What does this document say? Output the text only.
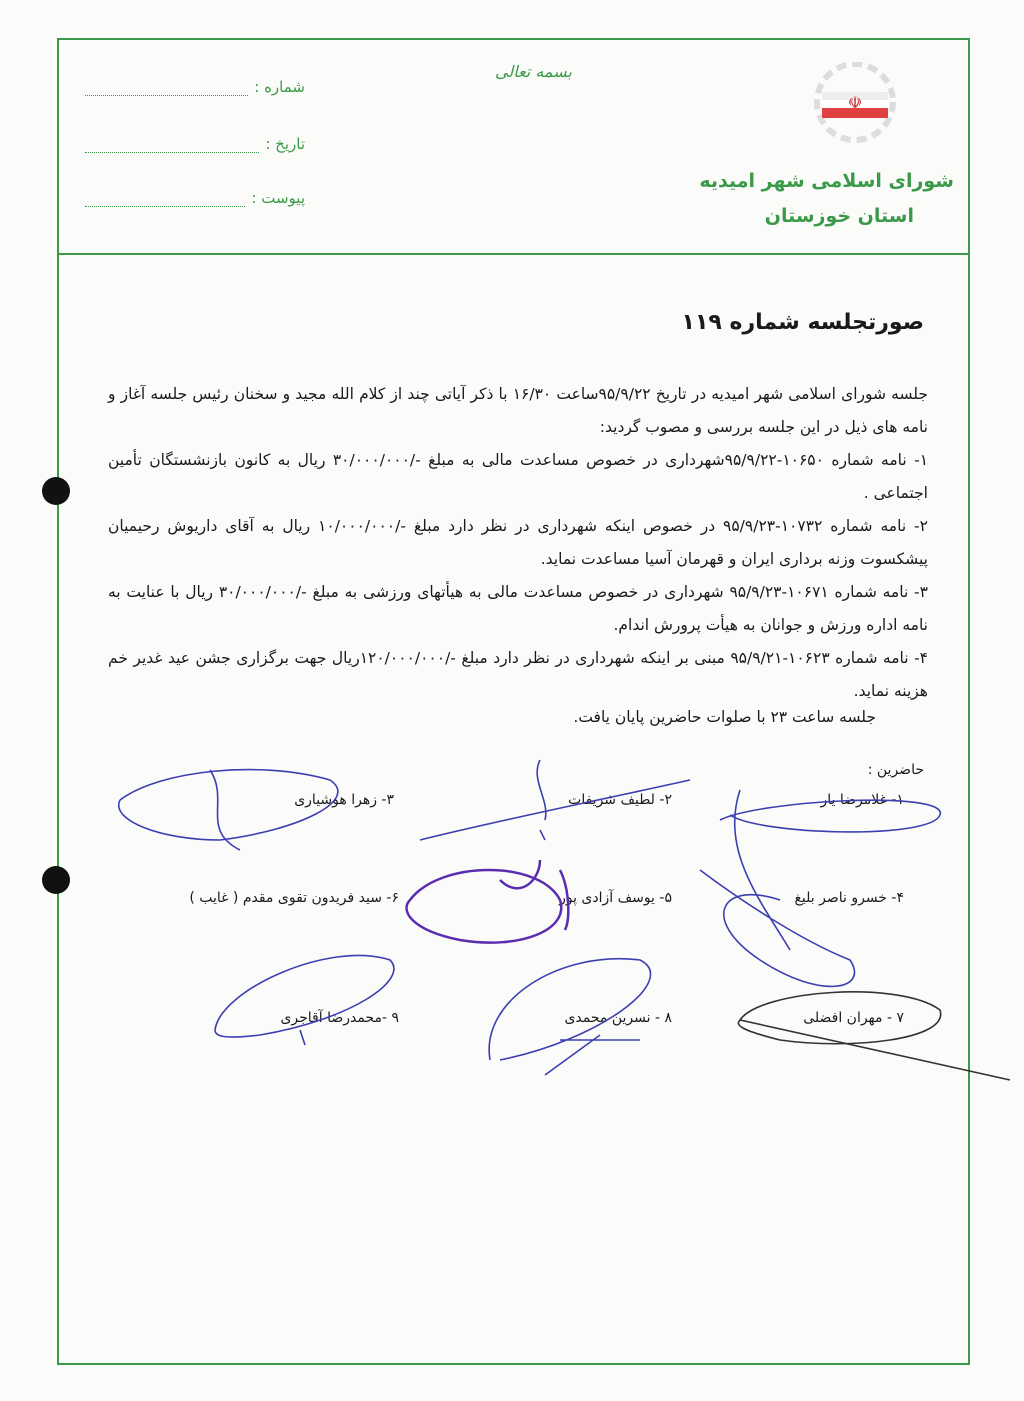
بسمه تعالی
شماره :
تاریخ :
پیوست :
☫
شورای اسلامی شهر امیدیه
استان خوزستان
صورتجلسه شماره ۱۱۹
جلسه شورای اسلامی شهر امیدیه در تاریخ ۹۵/۹/۲۲ساعت ۱۶/۳۰ با ذکر آیاتی چند از کلام الله مجید و سخنان رئیس جلسه آغاز و نامه های ذیل در این جلسه بررسی و مصوب گردید:
۱- نامه شماره ۱۰۶۵۰-۹۵/۹/۲۲شهرداری در خصوص مساعدت مالی به مبلغ -/۳۰/۰۰۰/۰۰۰ ریال به کانون بازنشستگان تأمین اجتماعی .
۲- نامه شماره ۱۰۷۳۲-۹۵/۹/۲۳ در خصوص اینکه شهرداری در نظر دارد مبلغ -/۱۰/۰۰۰/۰۰۰ ریال به آقای داریوش رحیمیان پیشکسوت وزنه برداری ایران و قهرمان آسیا مساعدت نماید.
۳- نامه شماره ۱۰۶۷۱-۹۵/۹/۲۳ شهرداری در خصوص مساعدت مالی به هیأتهای ورزشی به مبلغ -/۳۰/۰۰۰/۰۰۰ ریال با عنایت به نامه اداره ورزش و جوانان به هیأت پرورش اندام.
۴- نامه شماره ۱۰۶۲۳-۹۵/۹/۲۱ مبنی بر اینکه شهرداری در نظر دارد مبلغ -/۱۲۰/۰۰۰/۰۰۰ریال جهت برگزاری جشن عید غدیر خم هزینه نماید.
جلسه ساعت ۲۳ با صلوات حاضرین پایان یافت.
حاضرین :
۱- غلامرضا یار
۲- لطیف شریفات
۳- زهرا هوشیاری
۴- خسرو ناصر بلیغ
۵- یوسف آزادی پور
۶- سید فریدون تقوی مقدم ( غایب )
۷ - مهران افضلی
۸ - نسرین محمدی
۹ -محمدرضا آقاجری
